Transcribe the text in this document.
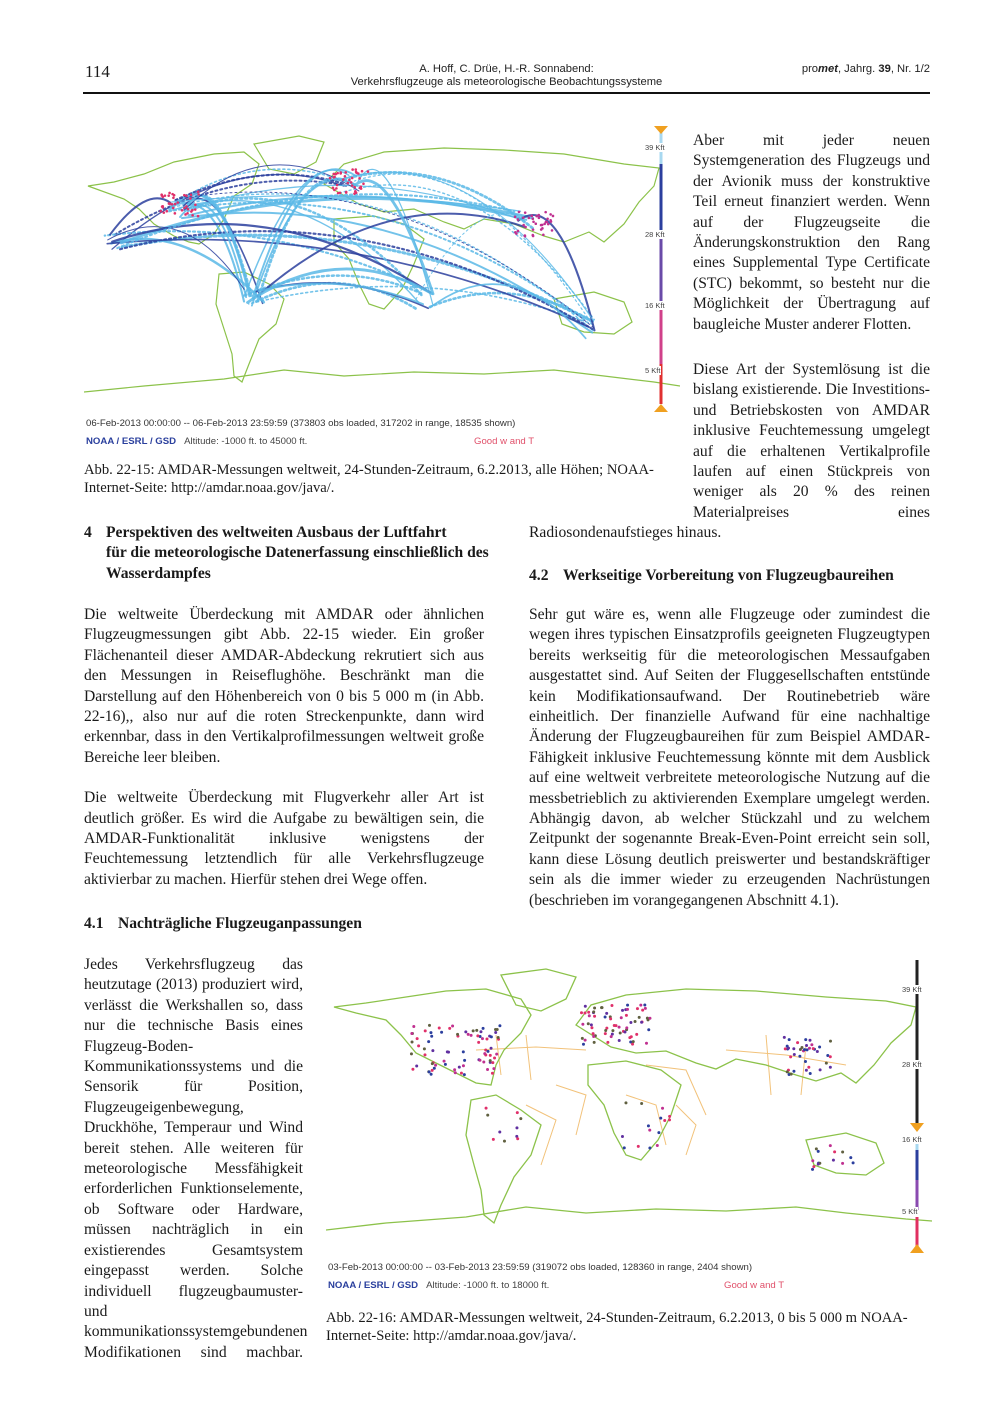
114	A. Hoff, C. Drüe, H.-R. Sonnabend:
Verkehrsflugzeuge als meteorologische Beobachtungssysteme
promet, Jahrg. 39, Nr. 1/2
39 Kft
28 Kft
16 Kft
5 Kft
06-Feb-2013 00:00:00 -- 06-Feb-2013 23:59:59 (373803 obs loaded, 317202 in range, 18535 shown)
NOAA / ESRL / GSD Altitude: -1000 ft. to 45000 ft.	Good w and T
Abb. 22-15: AMDAR-Messungen weltweit, 24-Stunden-Zeitraum, 6.2.2013, alle Höhen; NOAA-Internet-Seite: http://amdar.noaa.gov/java/.

Aber mit jeder neuen Systemgeneration des Flugzeugs und der Avionik muss der konstruktive Teil erneut finanziert werden. Wenn auf der Flugzeugseite die Änderungskonstruktion den Rang eines Supplemental Type Certificate (STC) bekommt, so besteht nur die Möglichkeit der Übertragung auf baugleiche Muster anderer Flotten.

Diese Art der Systemlösung ist die bislang existierende. Die Investitions- und Betriebskosten von AMDAR inklusive Feuchtemessung umgelegt auf die erhaltenen Vertikalprofile laufen auf einen Stückpreis von weniger als 20 % des reinen Materialpreises eines

Radiosondenaufstieges hinaus.

4 Perspektiven des weltweiten Ausbaus der Luftfahrt
für die meteorologische Datenerfassung einschließlich des Wasserdampfes

Die weltweite Überdeckung mit AMDAR oder ähnlichen Flugzeugmessungen gibt Abb. 22-15 wieder. Ein großer Flächenanteil dieser AMDAR-Abdeckung rekrutiert sich aus den Messungen in Reiseflughöhe. Beschränkt man die Darstellung auf den Höhenbereich von 0 bis 5 000 m (in Abb. 22-16),, also nur auf die roten Streckenpunkte, dann wird erkennbar, dass in den Vertikalprofilmessungen weltweit große Bereiche leer bleiben.

Die weltweite Überdeckung mit Flugverkehr aller Art ist deutlich größer. Es wird die Aufgabe zu bewältigen sein, die AMDAR-Funktionalität inklusive wenigstens der Feuchtemessung letztendlich für alle Verkehrsflugzeuge aktivierbar zu machen. Hierfür stehen drei Wege offen.

4.1 Nachträgliche Flugzeuganpassungen

Jedes Verkehrsflugzeug das heutzutage (2013) produziert wird, verlässt die Werkshallen so, dass nur die technische Basis eines Flugzeug-Boden-Kommunikationssystems und die Sensorik für Position, Flugzeugeigenbewegung, Druckhöhe, Temperaur und Wind bereit stehen. Alle weiteren für meteorologische Messfähigkeit erforderlichen Funktionselemente, ob Software oder Hardware, müssen nachträglich in ein existierendes Gesamtsystem eingepasst werden. Solche individuell flugzeugbaumuster- und kommunikationssystemgebundenen Modifikationen sind machbar.

4.2 Werkseitige Vorbereitung von Flugzeugbaureihen

Sehr gut wäre es, wenn alle Flugzeuge oder zumindest die wegen ihres typischen Einsatzprofils geeigneten Flugzeugtypen bereits werkseitig für die meteorologischen Messaufgaben ausgestattet sind. Auf Seiten der Fluggesellschaften entstünde kein Modifikationsaufwand. Der Routinebetrieb wäre einheitlich. Der finanzielle Aufwand für eine nachhaltige Änderung der Flugzeugbaureihen für zum Beispiel AMDAR-Fähigkeit inklusive Feuchtemessung könnte mit dem Ausblick auf eine weltweit verbreitete meteorologische Nutzung auf die messbetrieblich zu aktivierenden Exemplare umgelegt werden. Abhängig davon, ab welcher Stückzahl und zu welchem Zeitpunkt der sogenannte Break-Even-Point erreicht sein soll, kann diese Lösung deutlich preiswerter und bestandskräftiger sein als die immer wieder zu erzeugenden Nachrüstungen (beschrieben im vorangegangenen Abschnitt 4.1).

39 Kft
28 Kft
16 Kft
5 Kft
03-Feb-2013 00:00:00 -- 03-Feb-2013 23:59:59 (319072 obs loaded, 128360 in range, 2404 shown)
NOAA / ESRL / GSD Altitude: -1000 ft. to 18000 ft.	Good w and T
Abb. 22-16: AMDAR-Messungen weltweit, 24-Stunden-Zeitraum, 6.2.2013, 0 bis 5 000 m NOAA-Internet-Seite: http://amdar.noaa.gov/java/.
